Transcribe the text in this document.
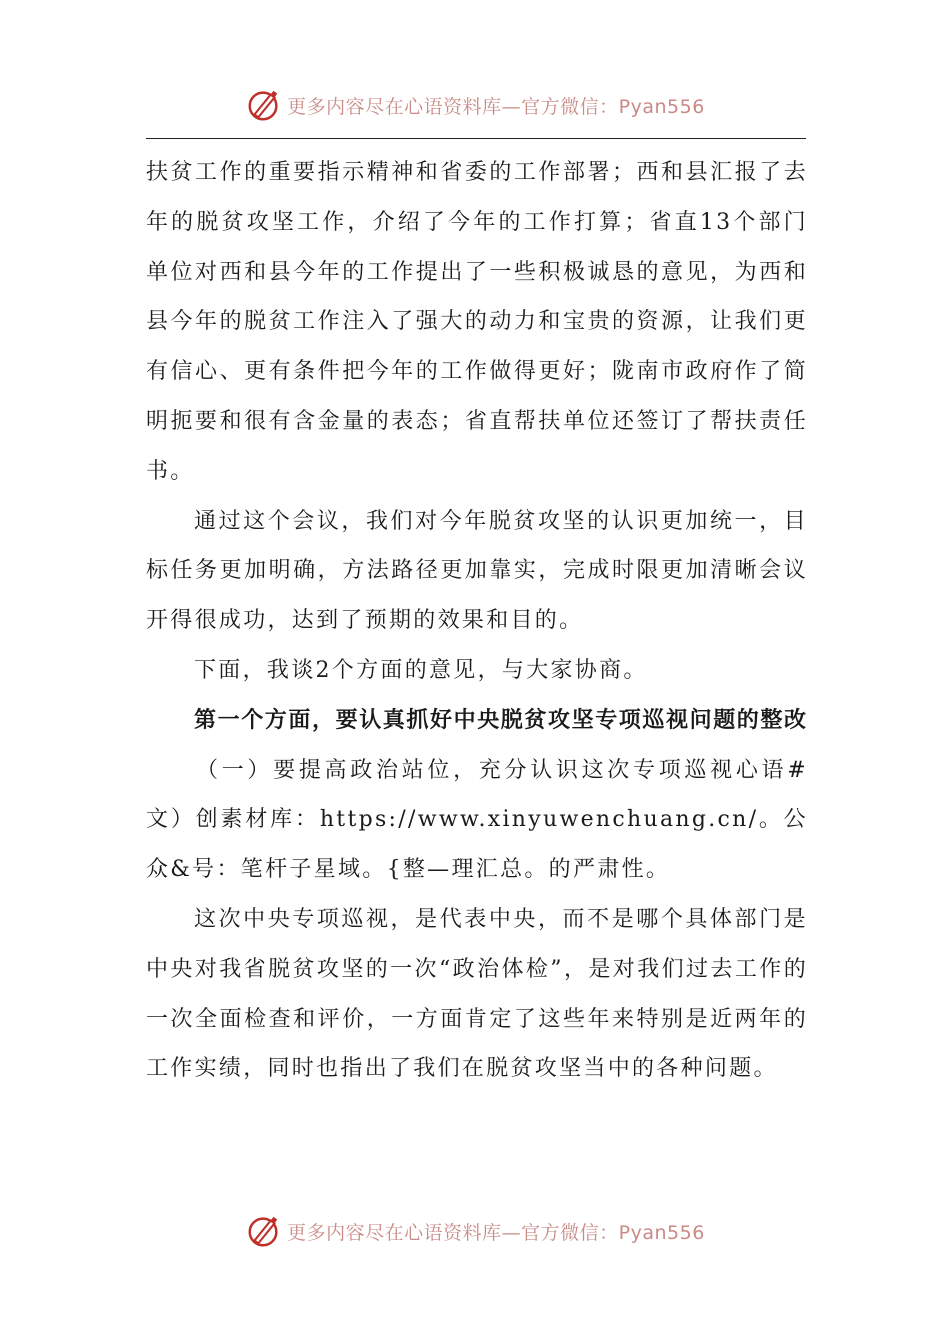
更多内容尽在心语资料库—官方微信：Pyan556

扶贫工作的重要指示精神和省委的工作部署；西和县汇报了去年的脱贫攻坚工作，介绍了今年的工作打算；省直13个部门单位对西和县今年的工作提出了一些积极诚恳的意见，为西和县今年的脱贫工作注入了强大的动力和宝贵的资源，让我们更有信心、更有条件把今年的工作做得更好；陇南市政府作了简明扼要和很有含金量的表态；省直帮扶单位还签订了帮扶责任书。

通过这个会议，我们对今年脱贫攻坚的认识更加统一，目标任务更加明确，方法路径更加靠实，完成时限更加清晰会议开得很成功，达到了预期的效果和目的。

下面，我谈2个方面的意见，与大家协商。

第一个方面，要认真抓好中央脱贫攻坚专项巡视问题的整改

（一）要提高政治站位，充分认识这次专项巡视心语#文）创素材库：https://www.xinyuwenchuang.cn/。公众&号：笔杆子星域。{整—理汇总。的严肃性。

这次中央专项巡视，是代表中央，而不是哪个具体部门是中央对我省脱贫攻坚的一次“政治体检”，是对我们过去工作的一次全面检查和评价，一方面肯定了这些年来特别是近两年的工作实绩，同时也指出了我们在脱贫攻坚当中的各种问题。

更多内容尽在心语资料库—官方微信：Pyan556
